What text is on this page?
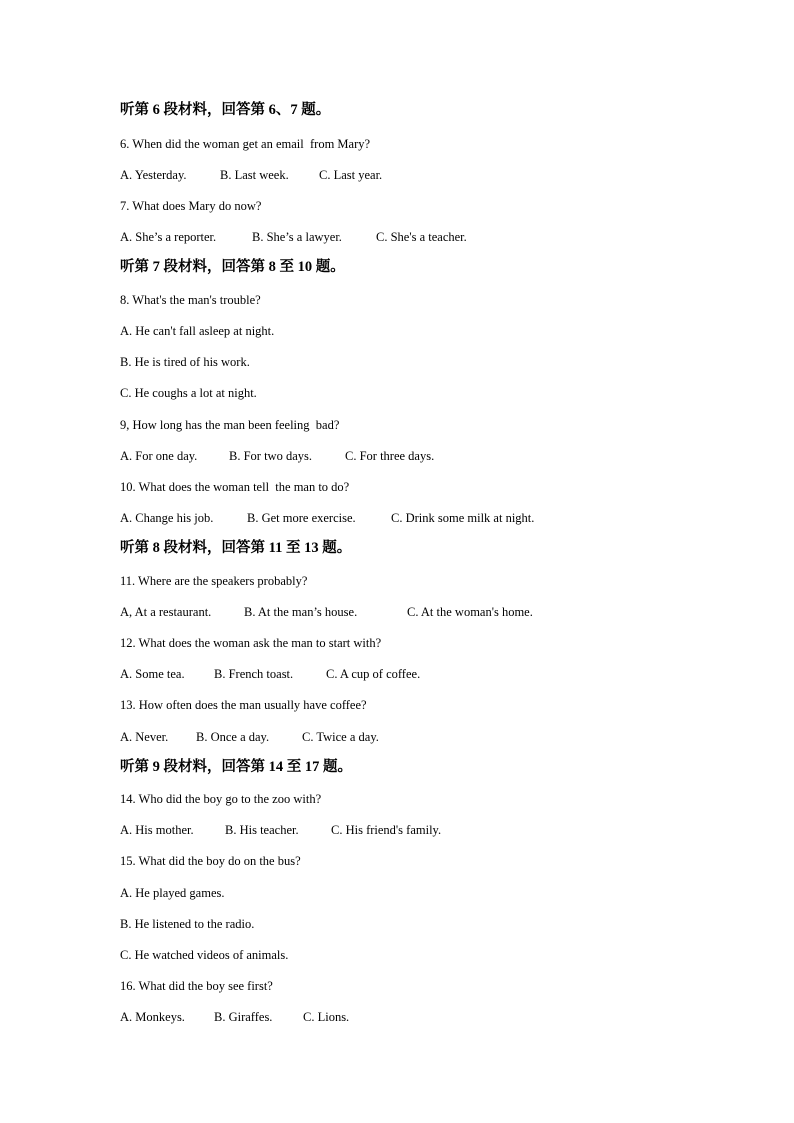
听第 6 段材料，回答第 6、7 题。
6. When did the woman get an email  from Mary?
A. Yesterday.	B. Last week.	C. Last year.
7. What does Mary do now?
A. She’s a reporter.	B. She’s a lawyer.	C. She's a teacher.
听第 7 段材料，回答第 8 至 10 题。
8. What's the man's trouble?
A. He can't fall asleep at night.
B. He is tired of his work.
C. He coughs a lot at night.
9, How long has the man been feeling  bad?
A. For one day.	B. For two days.	C. For three days.
10. What does the woman tell  the man to do?
A. Change his job.	B. Get more exercise.	C. Drink some milk at night.
听第 8 段材料，回答第 11 至 13 题。
11. Where are the speakers probably?
A, At a restaurant.	B. At the man’s house.	C. At the woman's home.
12. What does the woman ask the man to start with?
A. Some tea.	B. French toast.	C. A cup of coffee.
13. How often does the man usually have coffee?
A. Never.	B. Once a day.	C. Twice a day.
听第 9 段材料，回答第 14 至 17 题。
14. Who did the boy go to the zoo with?
A. His mother.	B. His teacher.	C. His friend's family.
15. What did the boy do on the bus?
A. He played games.
B. He listened to the radio.
C. He watched videos of animals.
16. What did the boy see first?
A. Monkeys.	B. Giraffes.	C. Lions.
